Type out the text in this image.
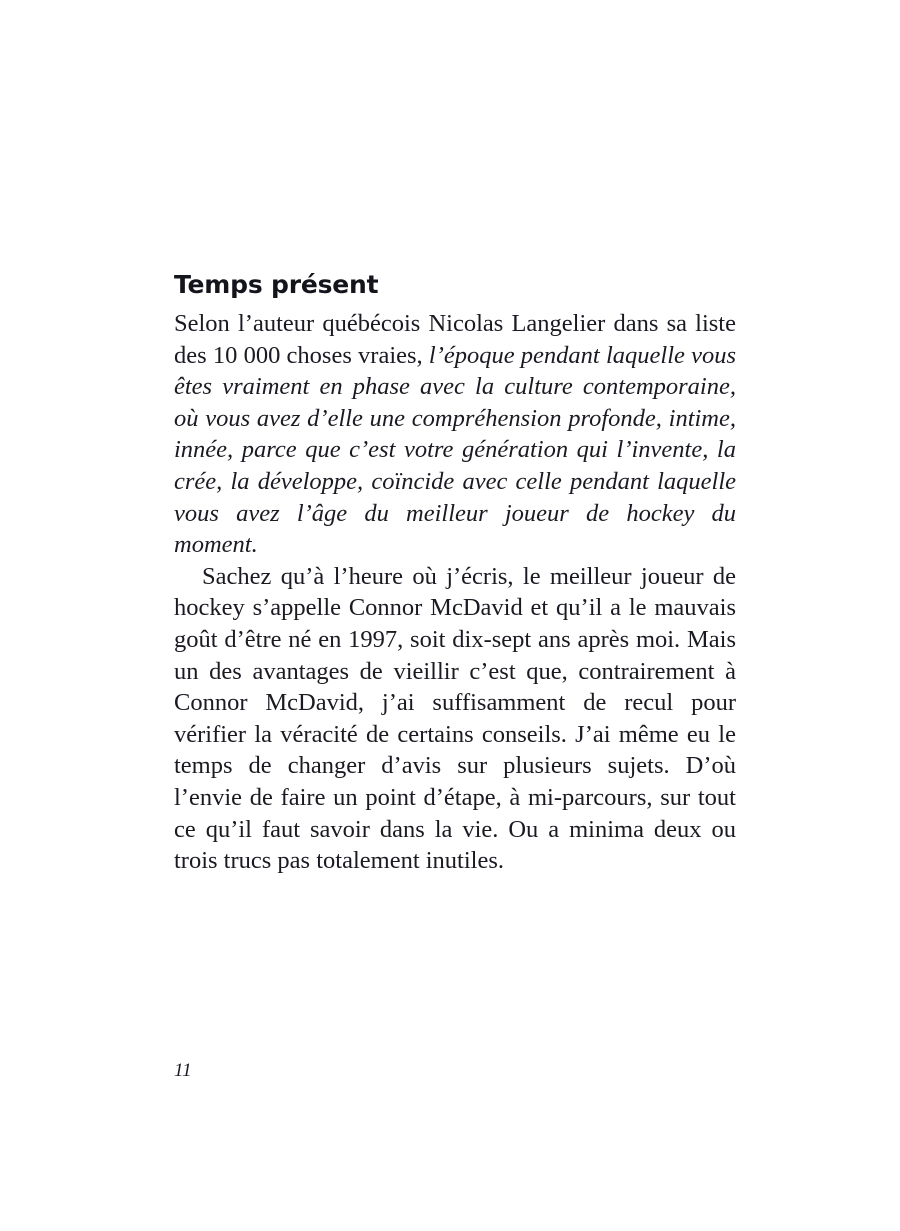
Temps présent

Selon l’auteur québécois Nicolas Langelier dans sa liste des 10 000 choses vraies, l’époque pendant laquelle vous êtes vraiment en phase avec la culture contemporaine, où vous avez d’elle une compréhension profonde, intime, innée, parce que c’est votre génération qui l’invente, la crée, la développe, coïncide avec celle pendant laquelle vous avez l’âge du meilleur joueur de hockey du moment.

Sachez qu’à l’heure où j’écris, le meilleur joueur de hockey s’appelle Connor McDavid et qu’il a le mauvais goût d’être né en 1997, soit dix-sept ans après moi. Mais un des avantages de vieillir c’est que, contrairement à Connor McDavid, j’ai suffisamment de recul pour vérifier la véracité de certains conseils. J’ai même eu le temps de changer d’avis sur plusieurs sujets. D’où l’envie de faire un point d’étape, à mi-parcours, sur tout ce qu’il faut savoir dans la vie. Ou a minima deux ou trois trucs pas totalement inutiles.

11
